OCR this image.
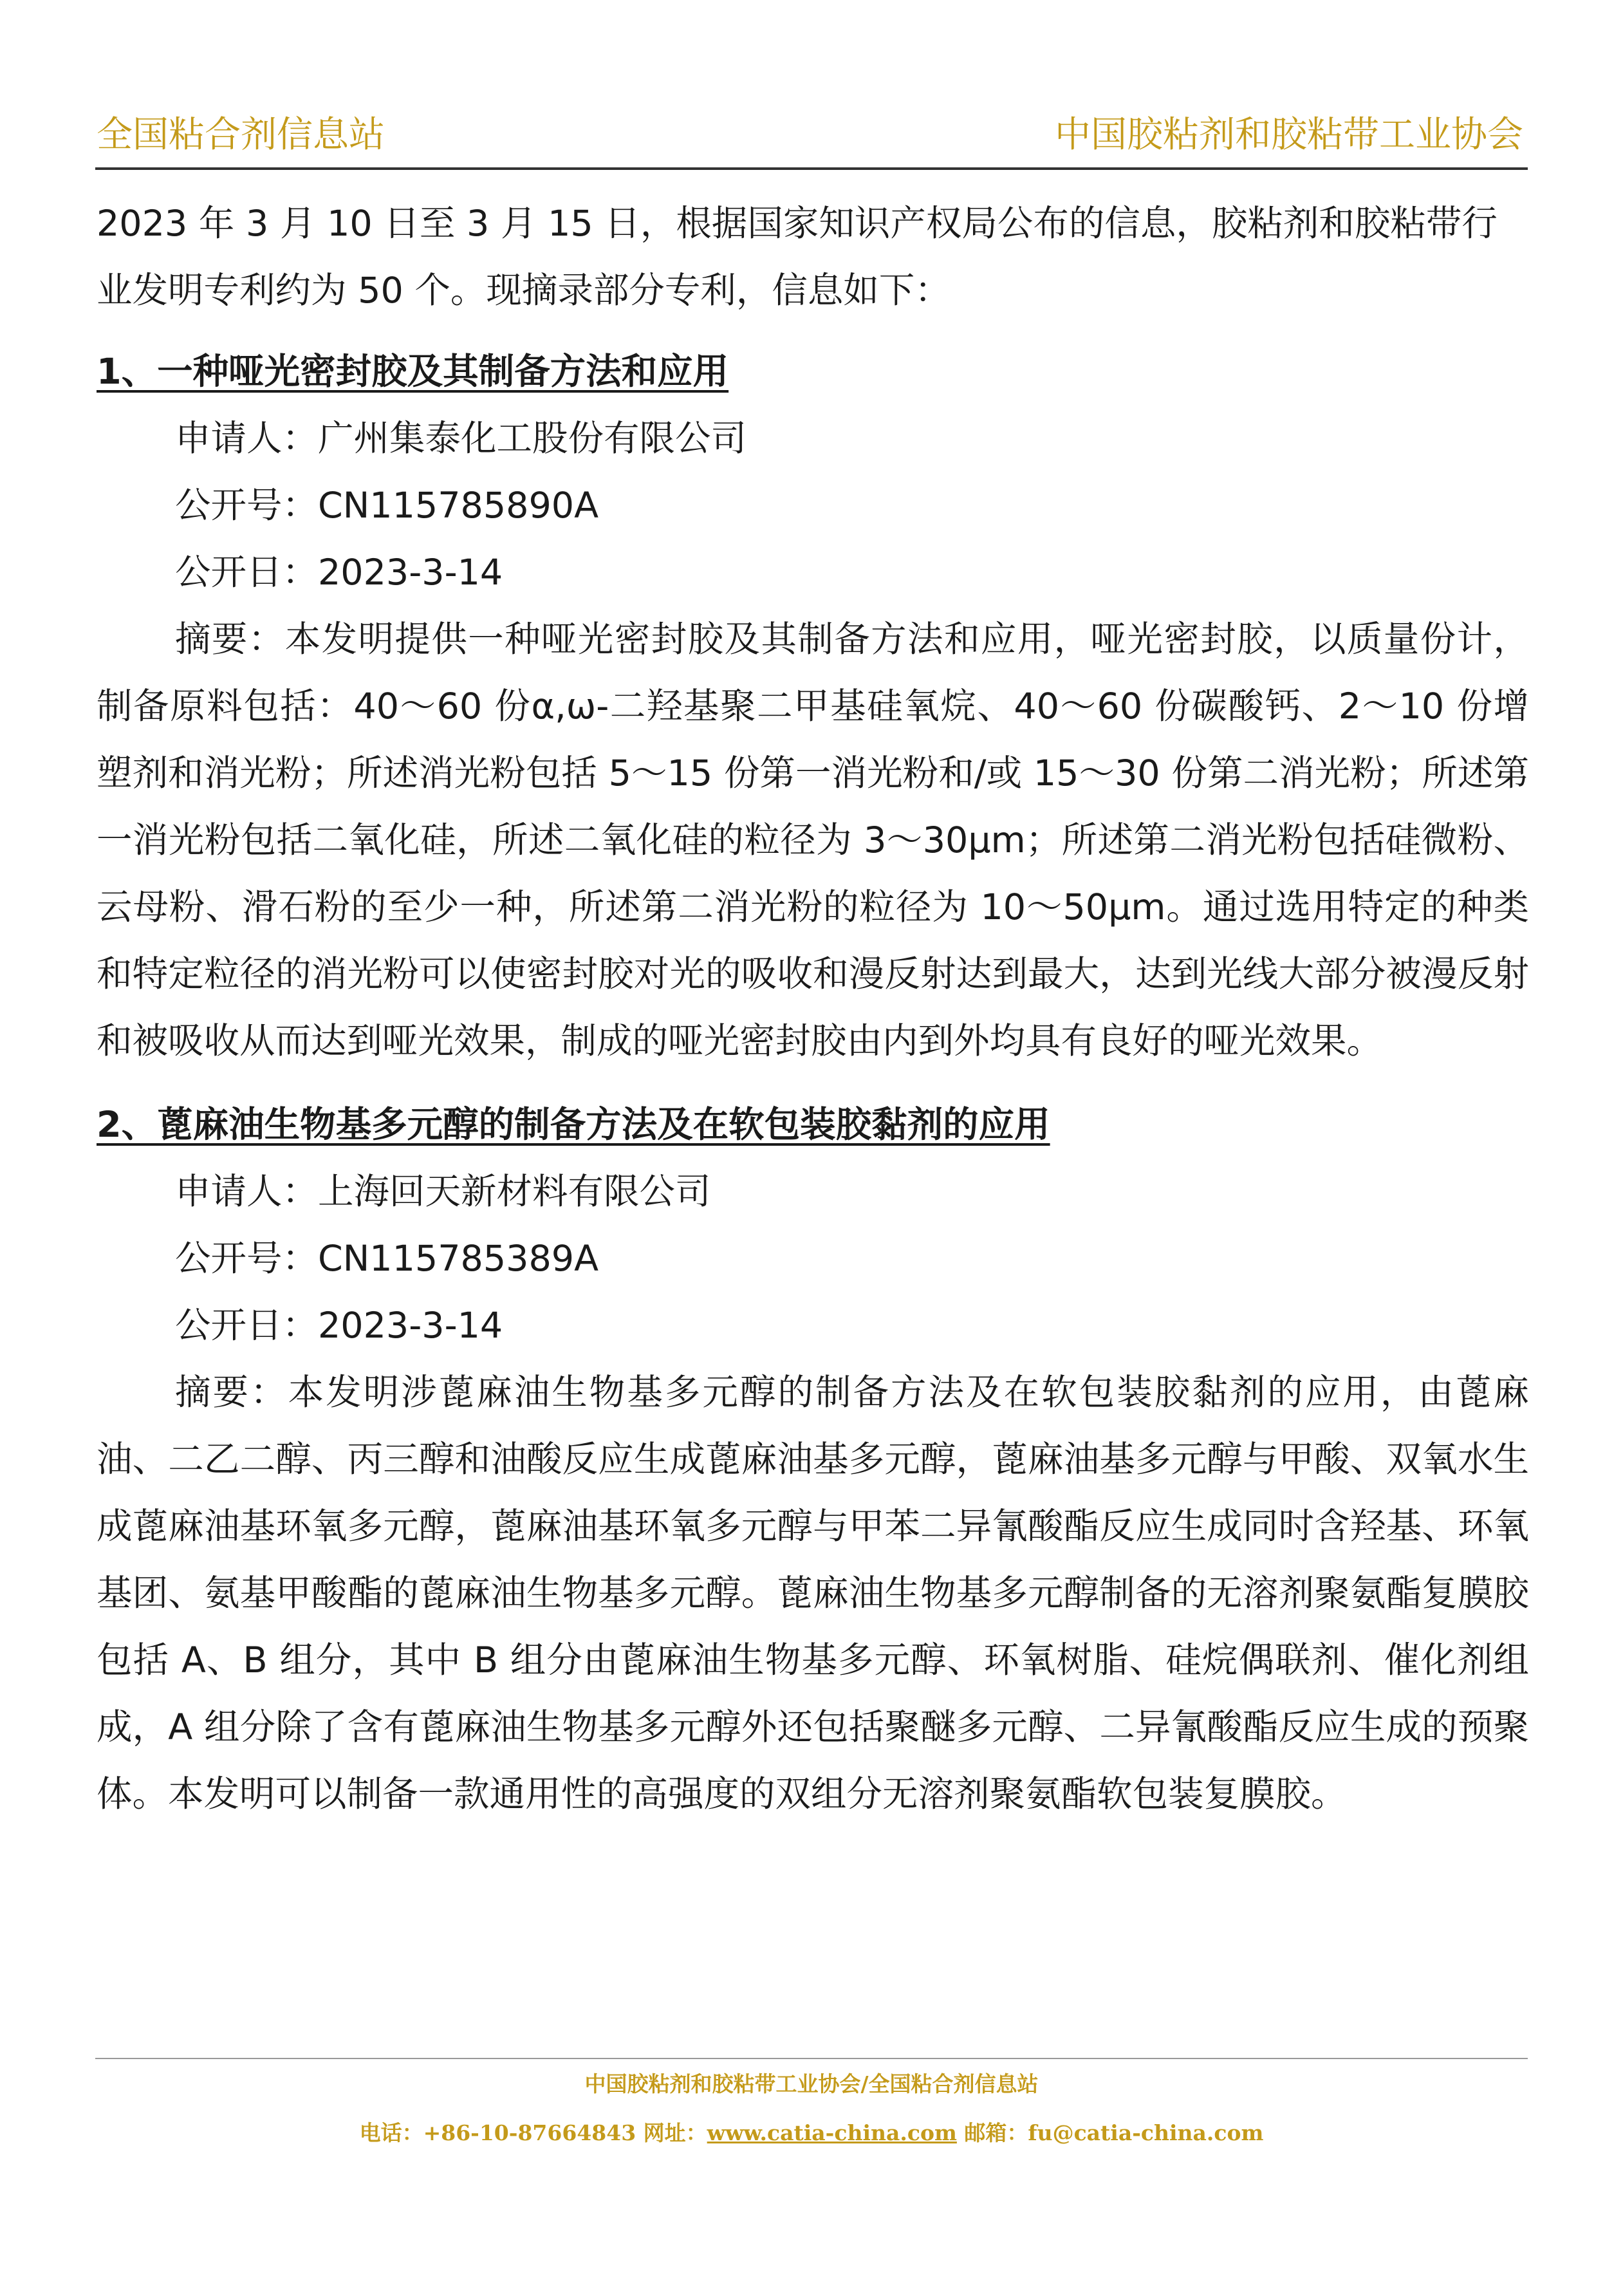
全国粘合剂信息站	中国胶粘剂和胶粘带工业协会

2023 年 3 月 10 日至 3 月 15 日，根据国家知识产权局公布的信息，胶粘剂和胶粘带行业发明专利约为 50 个。现摘录部分专利，信息如下：

1、一种哑光密封胶及其制备方法和应用

申请人：广州集泰化工股份有限公司

公开号：CN115785890A

公开日：2023-3-14

摘要：本发明提供一种哑光密封胶及其制备方法和应用，哑光密封胶，以质量份计，制备原料包括：40～60 份α,ω-二羟基聚二甲基硅氧烷、40～60 份碳酸钙、2～10 份增塑剂和消光粉；所述消光粉包括 5～15 份第一消光粉和/或 15～30 份第二消光粉；所述第一消光粉包括二氧化硅，所述二氧化硅的粒径为 3～30μm；所述第二消光粉包括硅微粉、云母粉、滑石粉的至少一种，所述第二消光粉的粒径为 10～50μm。通过选用特定的种类和特定粒径的消光粉可以使密封胶对光的吸收和漫反射达到最大，达到光线大部分被漫反射和被吸收从而达到哑光效果，制成的哑光密封胶由内到外均具有良好的哑光效果。

2、蓖麻油生物基多元醇的制备方法及在软包装胶黏剂的应用

申请人：上海回天新材料有限公司

公开号：CN115785389A

公开日：2023-3-14

摘要：本发明涉蓖麻油生物基多元醇的制备方法及在软包装胶黏剂的应用，由蓖麻油、二乙二醇、丙三醇和油酸反应生成蓖麻油基多元醇，蓖麻油基多元醇与甲酸、双氧水生成蓖麻油基环氧多元醇，蓖麻油基环氧多元醇与甲苯二异氰酸酯反应生成同时含羟基、环氧基团、氨基甲酸酯的蓖麻油生物基多元醇。蓖麻油生物基多元醇制备的无溶剂聚氨酯复膜胶包括 A、B 组分，其中 B 组分由蓖麻油生物基多元醇、环氧树脂、硅烷偶联剂、催化剂组成，A 组分除了含有蓖麻油生物基多元醇外还包括聚醚多元醇、二异氰酸酯反应生成的预聚体。本发明可以制备一款通用性的高强度的双组分无溶剂聚氨酯软包装复膜胶。

中国胶粘剂和胶粘带工业协会/全国粘合剂信息站
电话：+86-10-87664843 网址：www.catia-china.com 邮箱：fu@catia-china.com
